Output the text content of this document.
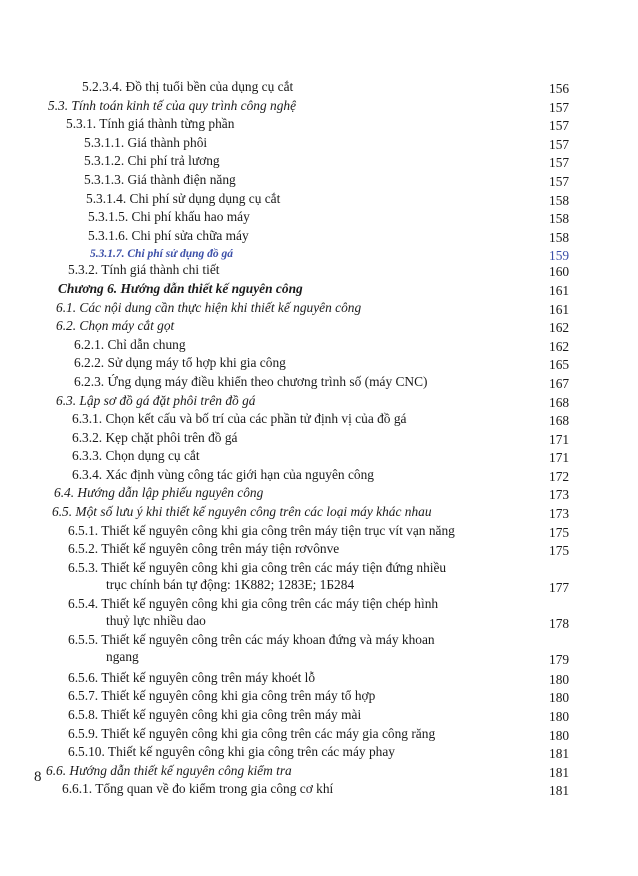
5.2.3.4. Đồ thị tuổi bền của dụng cụ cắt	156
5.3. Tính toán kinh tế của quy trình công nghệ	157
5.3.1. Tính giá thành từng phần	157
5.3.1.1. Giá thành phôi	157
5.3.1.2. Chi phí trả lương	157
5.3.1.3. Giá thành điện năng	157
5.3.1.4. Chi phí sử dụng dụng cụ cắt	158
5.3.1.5. Chi phí khấu hao máy	158
5.3.1.6. Chi phí sửa chữa máy	158
5.3.1.7. Chi phí sử dụng đồ gá	159
5.3.2. Tính giá thành chi tiết	160
Chương 6. Hướng dẫn thiết kế nguyên công	161
6.1. Các nội dung cần thực hiện khi thiết kế nguyên công	161
6.2. Chọn máy cắt gọt	162
6.2.1. Chỉ dẫn chung	162
6.2.2. Sử dụng máy tổ hợp khi gia công	165
6.2.3. Ứng dụng máy điều khiển theo chương trình số (máy CNC)	167
6.3. Lập sơ đồ gá đặt phôi trên đồ gá	168
6.3.1. Chọn kết cấu và bố trí của các phần tử định vị của đồ gá	168
6.3.2. Kẹp chặt phôi trên đồ gá	171
6.3.3. Chọn dụng cụ cắt	171
6.3.4. Xác định vùng công tác giới hạn của nguyên công	172
6.4. Hướng dẫn lập phiếu nguyên công	173
6.5. Một số lưu ý khi thiết kế nguyên công trên các loại máy khác nhau	173
6.5.1. Thiết kế nguyên công khi gia công trên máy tiện trục vít vạn năng	175
6.5.2. Thiết kế nguyên công trên máy tiện rơvônve	175
6.5.3. Thiết kế nguyên công khi gia công trên các máy tiện đứng nhiều
trục chính bán tự động: 1K882; 1283E; 1Б284	177
6.5.4. Thiết kế nguyên công khi gia công trên các máy tiện chép hình
thuỷ lực nhiều dao	178
6.5.5. Thiết kế nguyên công trên các máy khoan đứng và máy khoan
ngang	179
6.5.6. Thiết kế nguyên công trên máy khoét lỗ	180
6.5.7. Thiết kế nguyên công khi gia công trên máy tổ hợp	180
6.5.8. Thiết kế nguyên công khi gia công trên máy mài	180
6.5.9. Thiết kế nguyên công khi gia công trên các máy gia công răng	180
6.5.10. Thiết kế nguyên công khi gia công trên các máy phay	181
6.6. Hướng dẫn thiết kế nguyên công kiểm tra	181
6.6.1. Tổng quan về đo kiểm trong gia công cơ khí	181
8
